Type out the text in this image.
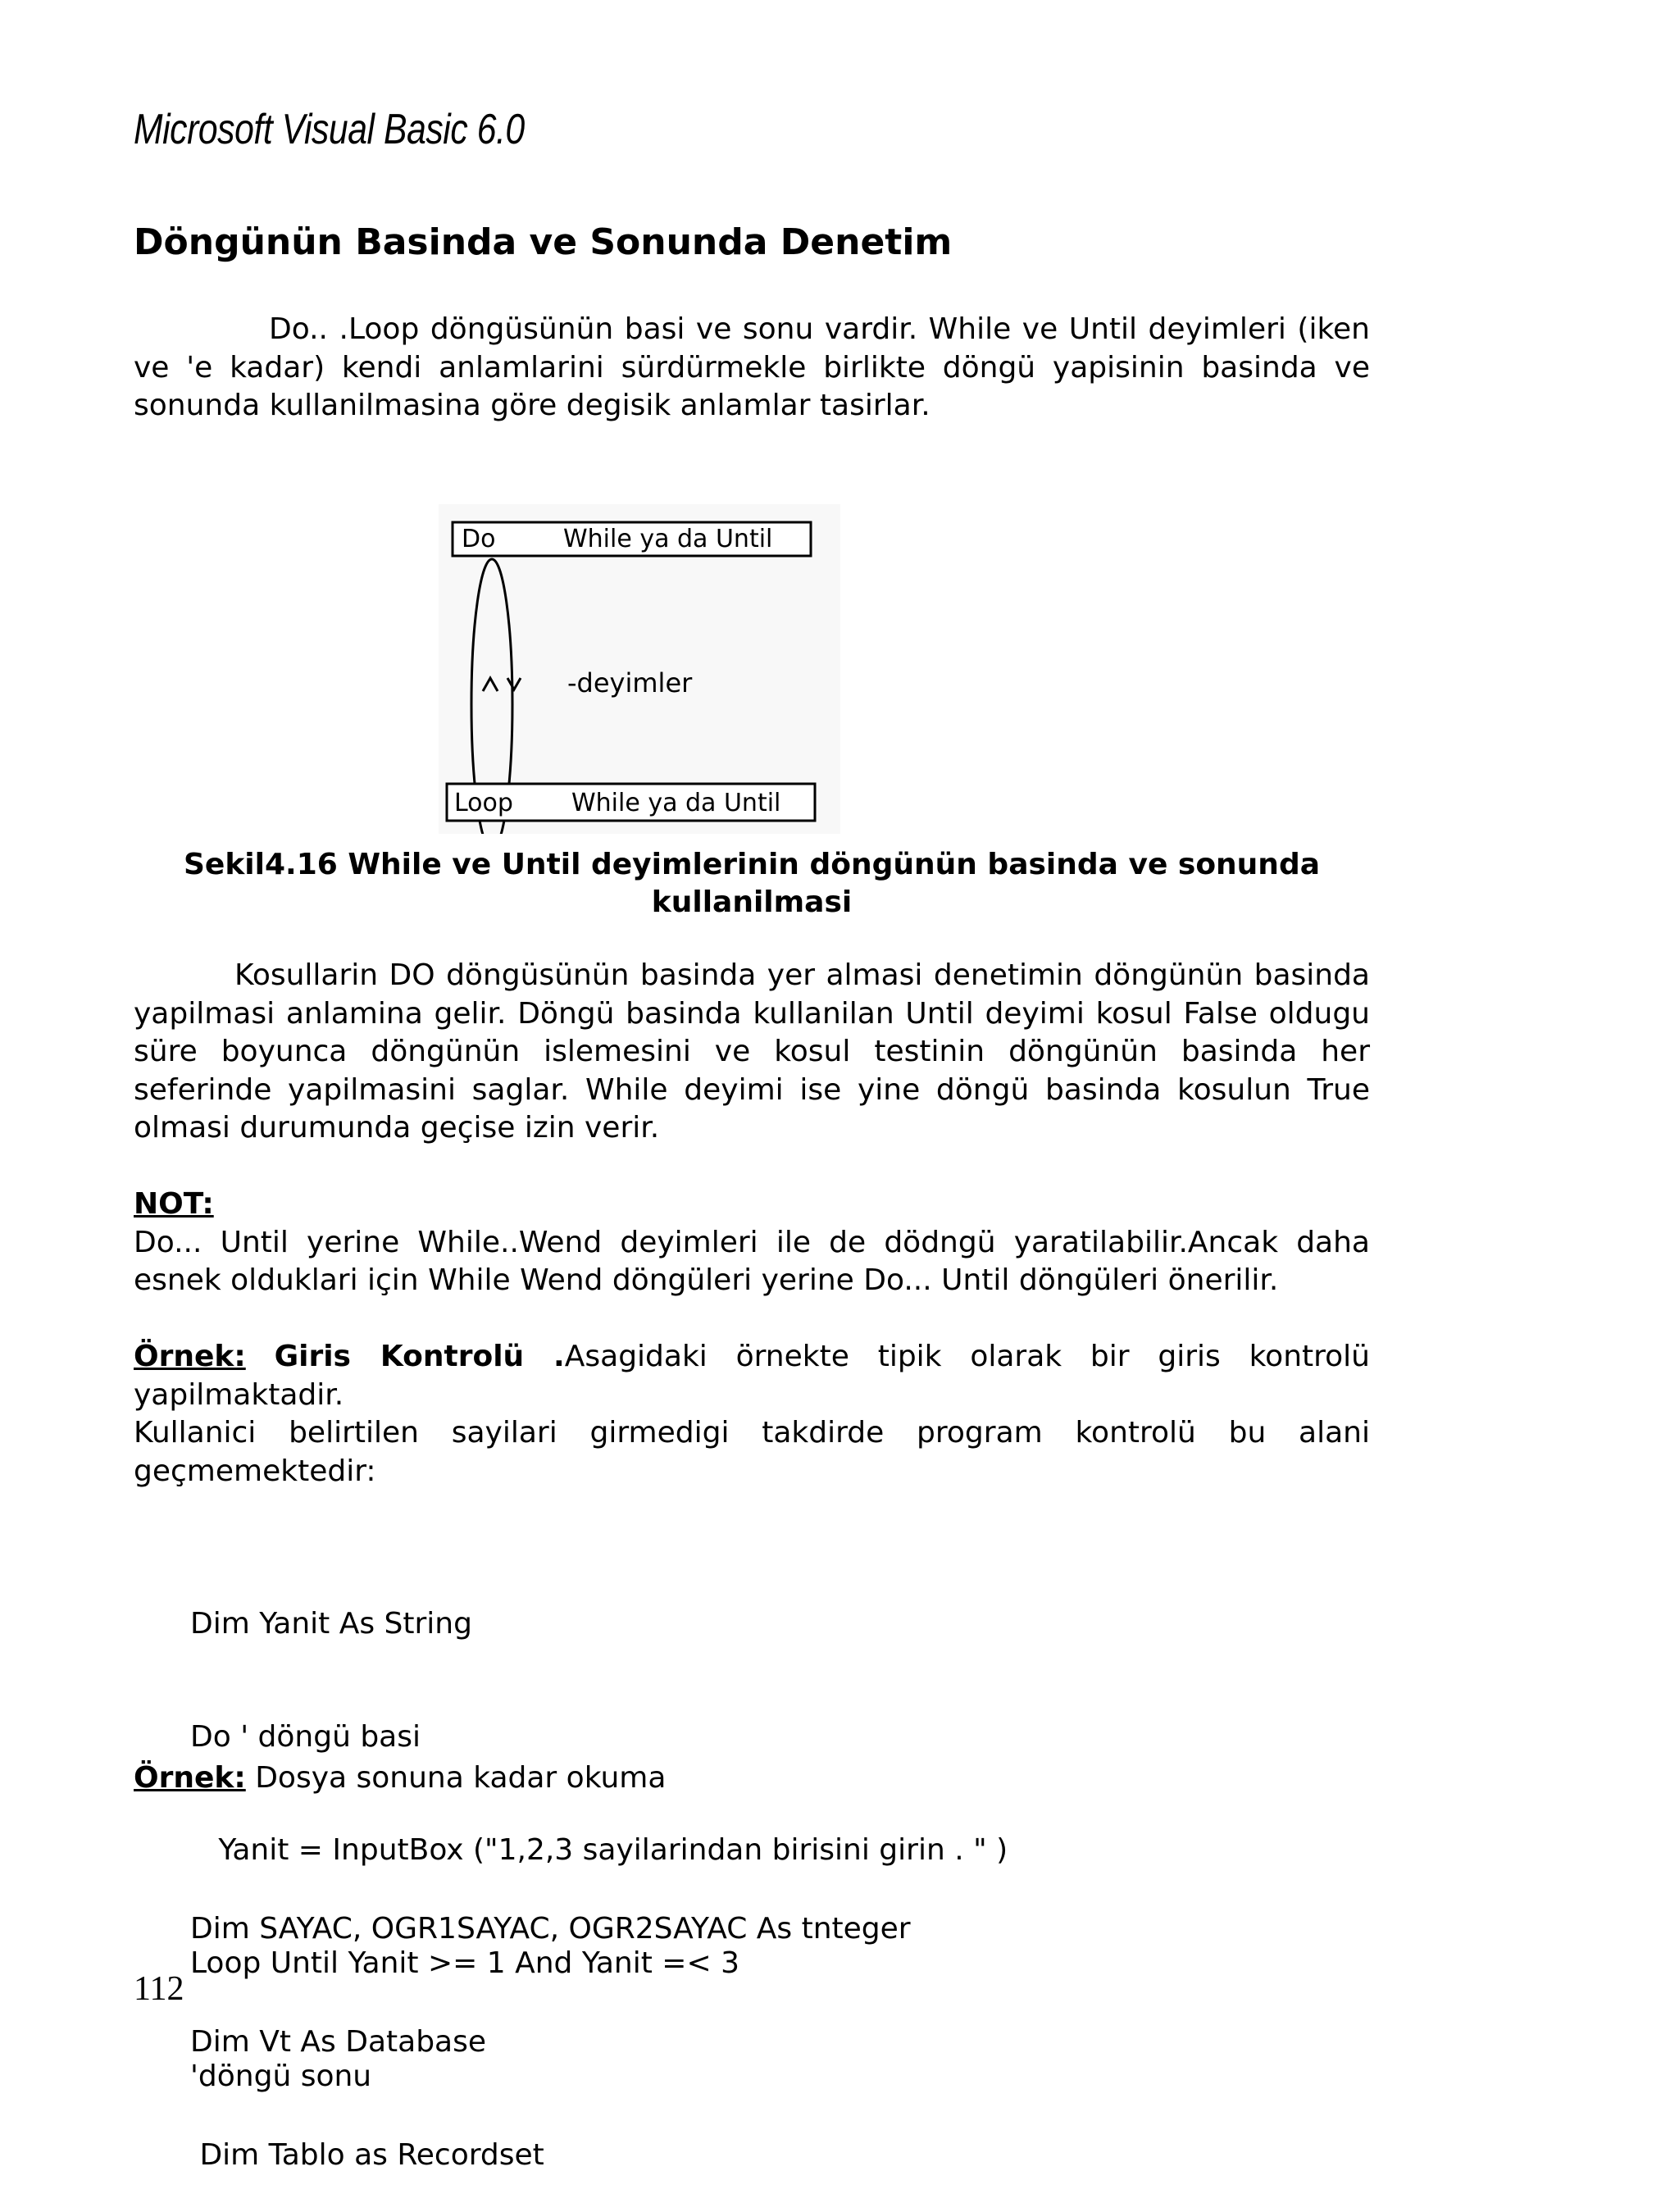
Microsoft Visual Basic 6.0
Döngünün Basinda ve Sonunda Denetim
Do.. .Loop döngüsünün basi ve sonu vardir. While ve Until deyimleri (iken ve 'e kadar) kendi anlamlarini sürdürmekle birlikte döngü yapisinin basinda ve sonunda kullanilmasina göre degisik anlamlar tasirlar.
Do	While ya da Until
-deyimler
Loop While ya da Until
Sekil4.16 While ve Until deyimlerinin döngünün basinda ve sonunda kullanilmasi
Kosullarin DO döngüsünün basinda yer almasi denetimin döngünün basinda yapilmasi anlamina gelir. Döngü basinda kullanilan Until deyimi kosul False oldugu süre boyunca döngünün islemesini ve kosul testinin döngünün basinda her seferinde yapilmasini saglar. While deyimi ise yine döngü basinda kosulun True olmasi durumunda geçise izin verir.
NOT:
Do... Until yerine While..Wend deyimleri ile de dödngü yaratilabilir.Ancak daha esnek olduklari için While Wend döngüleri yerine Do... Until döngüleri önerilir.
Örnek: Giris Kontrolü .Asagidaki örnekte tipik olarak bir giris kontrolü yapilmaktadir.
Kullanici belirtilen sayilari girmedigi takdirde program kontrolü bu alani geçmemektedir:

Dim Yanit As String

Do ' döngü basi

Yanit = InputBox ("1,2,3 sayilarindan birisini girin . " )

Loop Until Yanit >= 1 And Yanit =< 3

'döngü sonu

Örnek: Dosya sonuna kadar okuma

Dim SAYAC, OGR1SAYAC, OGR2SAYAC As tnteger

Dim Vt As Database

Dim Tablo as Recordset

112
